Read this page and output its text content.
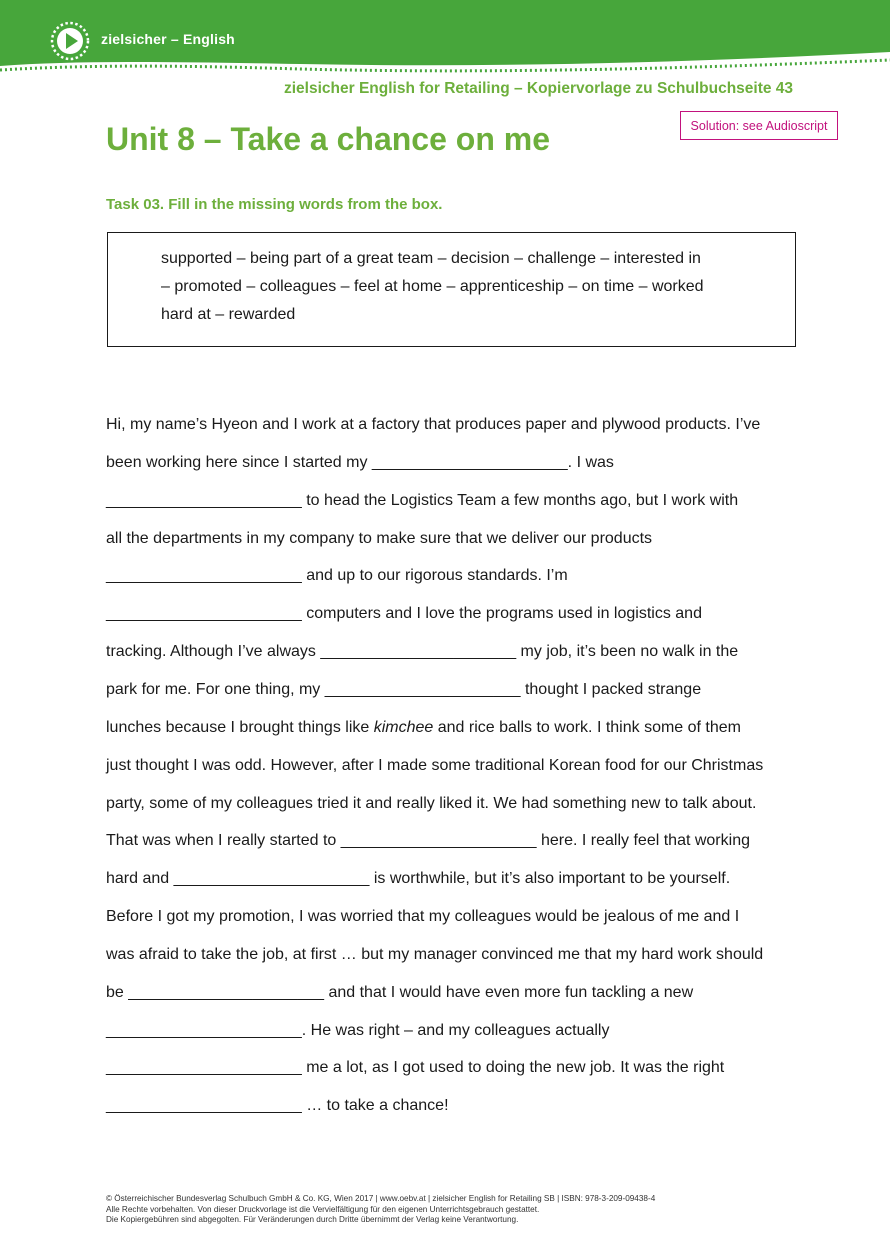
zielsicher – English
zielsicher English for Retailing – Kopiervorlage zu Schulbuchseite 43
Solution: see Audioscript
Unit 8 – Take a chance on me
Task 03. Fill in the missing words from the box.
supported – being part of a great team – decision – challenge – interested in
– promoted – colleagues – feel at home – apprenticeship – on time – worked
hard at – rewarded
Hi, my name’s Hyeon and I work at a factory that produces paper and plywood products. I’ve
been working here since I started my ______________________. I was
______________________ to head the Logistics Team a few months ago, but I work with
all the departments in my company to make sure that we deliver our products
______________________ and up to our rigorous standards. I’m
______________________ computers and I love the programs used in logistics and
tracking. Although I’ve always ______________________ my job, it’s been no walk in the
park for me. For one thing, my ______________________ thought I packed strange
lunches because I brought things like kimchee and rice balls to work. I think some of them
just thought I was odd. However, after I made some traditional Korean food for our Christmas
party, some of my colleagues tried it and really liked it. We had something new to talk about.
That was when I really started to ______________________ here. I really feel that working
hard and ______________________ is worthwhile, but it’s also important to be yourself.
Before I got my promotion, I was worried that my colleagues would be jealous of me and I
was afraid to take the job, at first … but my manager convinced me that my hard work should
be ______________________ and that I would have even more fun tackling a new
______________________. He was right – and my colleagues actually
______________________ me a lot, as I got used to doing the new job. It was the right
______________________ … to take a chance!
© Österreichischer Bundesverlag Schulbuch GmbH & Co. KG, Wien 2017 | www.oebv.at | zielsicher English for Retailing SB | ISBN: 978-3-209-09438-4
Alle Rechte vorbehalten. Von dieser Druckvorlage ist die Vervielfältigung für den eigenen Unterrichtsgebrauch gestattet.
Die Kopiergebühren sind abgegolten. Für Veränderungen durch Dritte übernimmt der Verlag keine Verantwortung.
